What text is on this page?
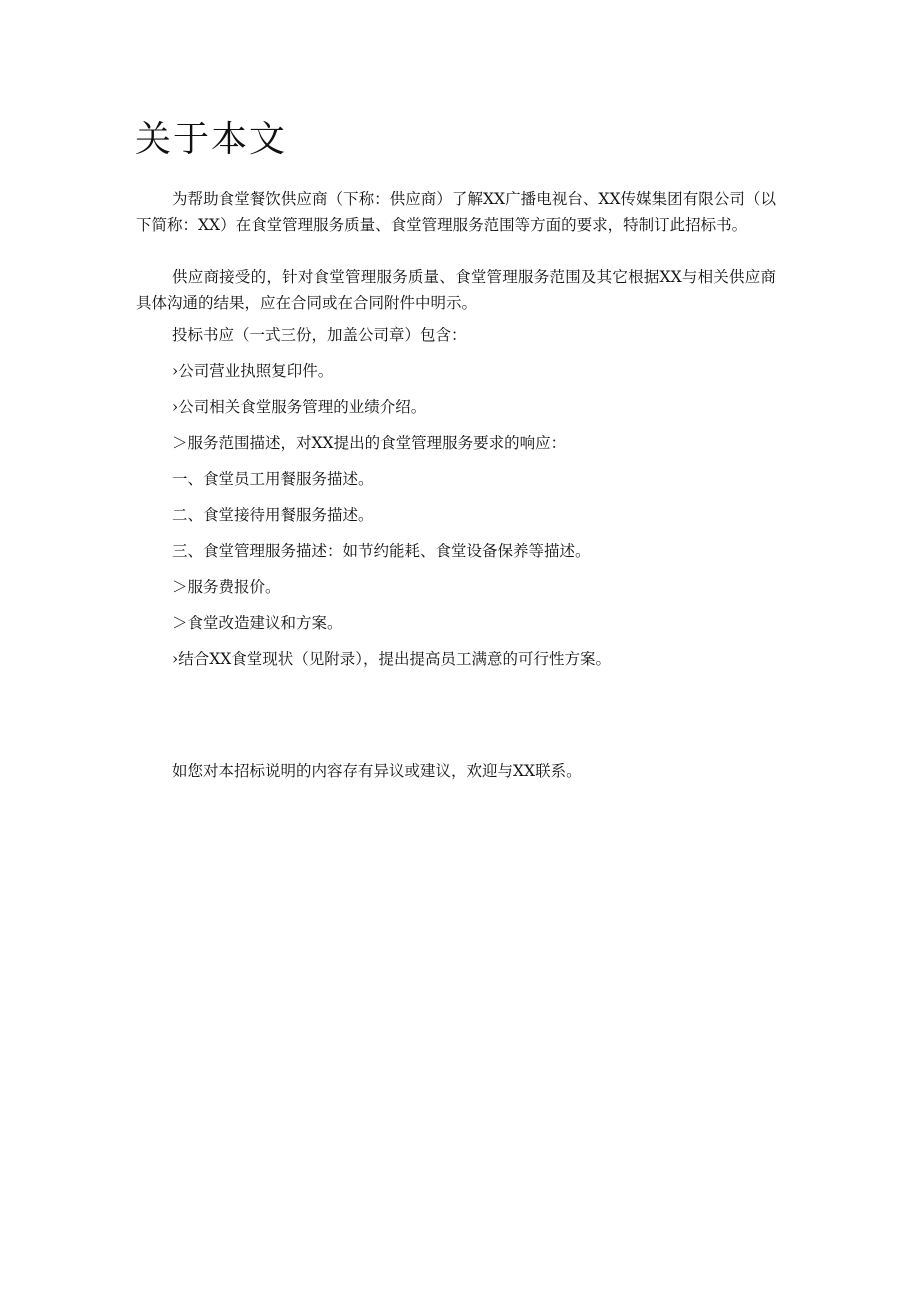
关于本文

为帮助食堂餐饮供应商（下称：供应商）了解XX广播电视台、XX传媒集团有限公司（以下简称：XX）在食堂管理服务质量、食堂管理服务范围等方面的要求，特制订此招标书。

供应商接受的，针对食堂管理服务质量、食堂管理服务范围及其它根据XX与相关供应商具体沟通的结果，应在合同或在合同附件中明示。

投标书应（一式三份，加盖公司章）包含：

›公司营业执照复印件。

›公司相关食堂服务管理的业绩介绍。

＞服务范围描述，对XX提出的食堂管理服务要求的响应：

一、食堂员工用餐服务描述。

二、食堂接待用餐服务描述。

三、食堂管理服务描述：如节约能耗、食堂设备保养等描述。

＞服务费报价。

＞食堂改造建议和方案。

›结合XX食堂现状（见附录），提出提高员工满意的可行性方案。

如您对本招标说明的内容存有异议或建议，欢迎与XX联系。
